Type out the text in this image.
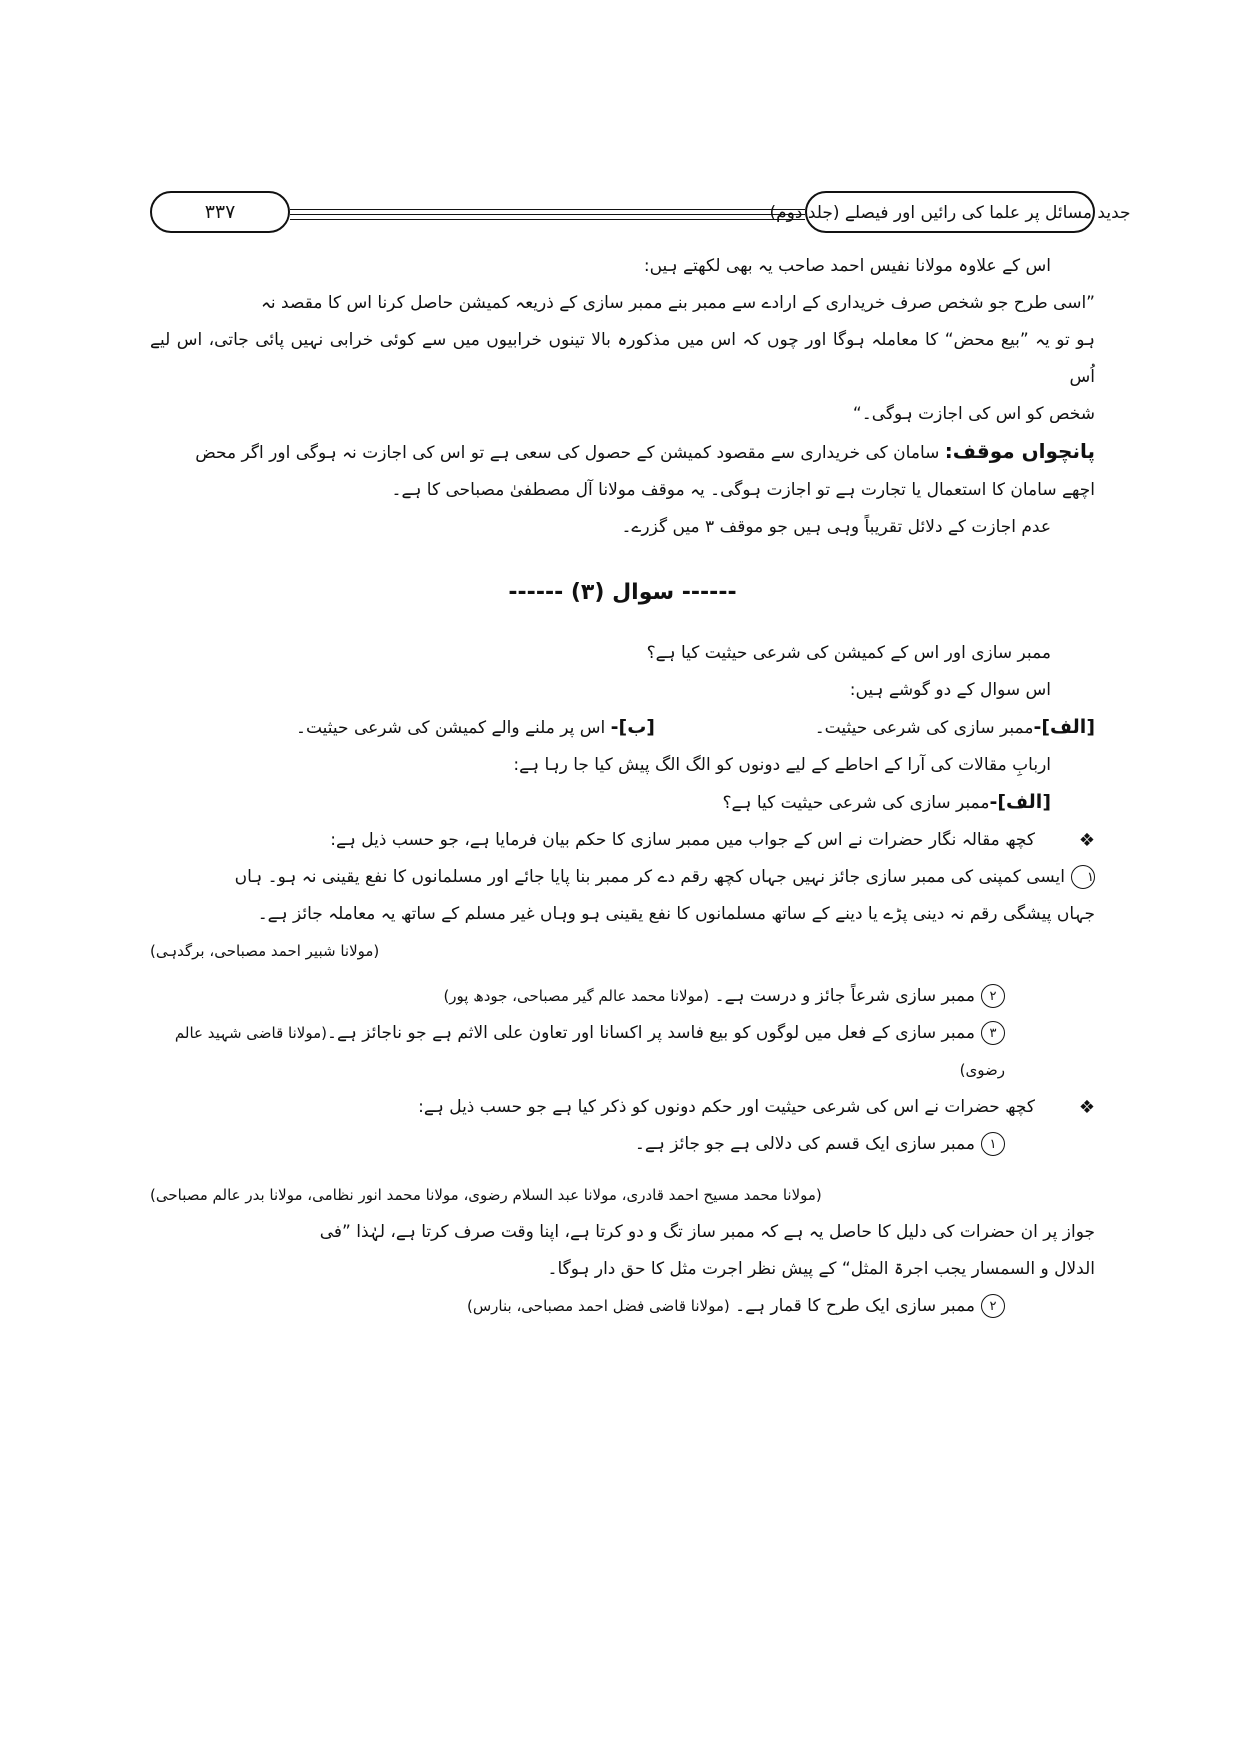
۳۳۷	جدید مسائل پر علما کی رائیں اور فیصلے (جلد دوم)

اس کے علاوہ مولانا نفیس احمد صاحب یہ بھی لکھتے ہیں:

”اسی طرح جو شخص صرف خریداری کے ارادے سے ممبر بنے ممبر سازی کے ذریعہ کمیشن حاصل کرنا اس کا مقصد نہ

ہو تو یہ ”بیع محض“ کا معاملہ ہوگا اور چوں کہ اس میں مذکورہ بالا تینوں خرابیوں میں سے کوئی خرابی نہیں پائی جاتی، اس لیے اُس

شخص کو اس کی اجازت ہوگی۔“

پانچواں موقف: سامان کی خریداری سے مقصود کمیشن کے حصول کی سعی ہے تو اس کی اجازت نہ ہوگی اور اگر محض

اچھے سامان کا استعمال یا تجارت ہے تو اجازت ہوگی۔ یہ موقف مولانا آل مصطفیٰ مصباحی کا ہے۔

عدم اجازت کے دلائل تقریباً وہی ہیں جو موقف ۳ میں گزرے۔

------ سوال (۳) ------

ممبر سازی اور اس کے کمیشن کی شرعی حیثیت کیا ہے؟

اس سوال کے دو گوشے ہیں:

[الف]-ممبر سازی کی شرعی حیثیت۔
[ب]- اس پر ملنے والے کمیشن کی شرعی حیثیت۔

اربابِ مقالات کی آرا کے احاطے کے لیے دونوں کو الگ الگ پیش کیا جا رہا ہے:

[الف]-ممبر سازی کی شرعی حیثیت کیا ہے؟

❖
کچھ مقالہ نگار حضرات نے اس کے جواب میں ممبر سازی کا حکم بیان فرمایا ہے، جو حسب ذیل ہے:

۱ایسی کمپنی کی ممبر سازی جائز نہیں جہاں کچھ رقم دے کر ممبر بنا پایا جائے اور مسلمانوں کا نفع یقینی نہ ہو۔ ہاں

جہاں پیشگی رقم نہ دینی پڑے یا دینے کے ساتھ مسلمانوں کا نفع یقینی ہو وہاں غیر مسلم کے ساتھ یہ معاملہ جائز ہے۔

(مولانا شبیر احمد مصباحی، برگدہی)

۲ممبر سازی شرعاً جائز و درست ہے۔ (مولانا محمد عالم گیر مصباحی، جودھ پور)

۳ممبر سازی کے فعل میں لوگوں کو بیع فاسد پر اکسانا اور تعاون علی الاثم ہے جو ناجائز ہے۔(مولانا قاضی شہید عالم رضوی)

❖
کچھ حضرات نے اس کی شرعی حیثیت اور حکم دونوں کو ذکر کیا ہے جو حسب ذیل ہے:

۱ممبر سازی ایک قسم کی دلالی ہے جو جائز ہے۔

(مولانا محمد مسیح احمد قادری، مولانا عبد السلام رضوی، مولانا محمد انور نظامی، مولانا بدر عالم مصباحی)

جواز پر ان حضرات کی دلیل کا حاصل یہ ہے کہ ممبر ساز تگ و دو کرتا ہے، اپنا وقت صرف کرتا ہے، لہٰذا ”فی

الدلال و السمسار یجب اجرۃ المثل“ کے پیش نظر اجرت مثل کا حق دار ہوگا۔

۲ممبر سازی ایک طرح کا قمار ہے۔ (مولانا قاضی فضل احمد مصباحی، بنارس)
